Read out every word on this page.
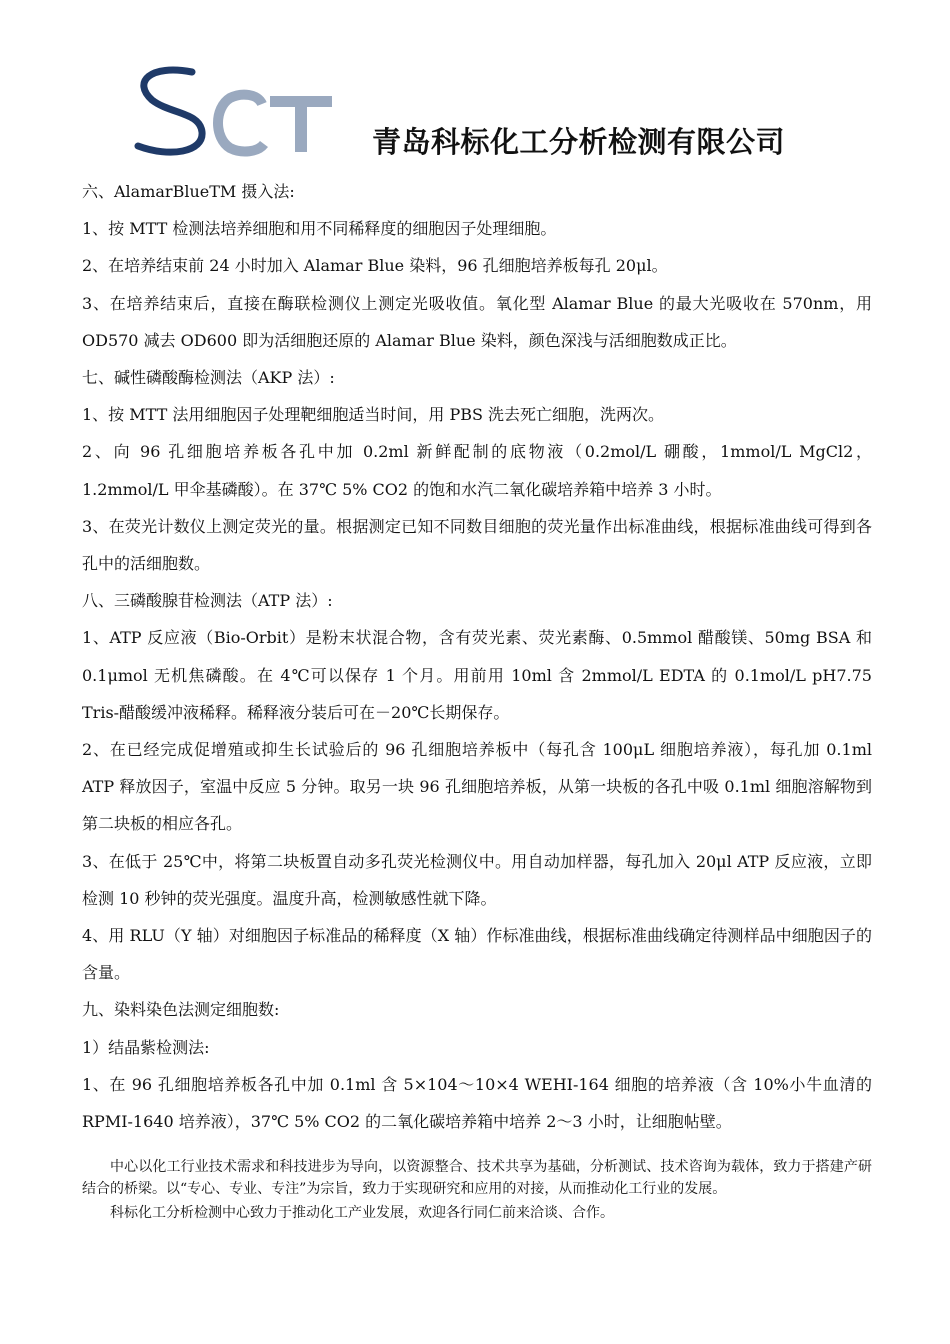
青岛科标化工分析检测有限公司

六、AlamarBlueTM 摄入法:

1、按 MTT 检测法培养细胞和用不同稀释度的细胞因子处理细胞。

2、在培养结束前 24 小时加入 Alamar Blue 染料，96 孔细胞培养板每孔 20μl。

3、在培养结束后，直接在酶联检测仪上测定光吸收值。氧化型 Alamar Blue 的最大光吸收在 570nm，用 OD570 减去 OD600 即为活细胞还原的 Alamar Blue 染料，颜色深浅与活细胞数成正比。

七、碱性磷酸酶检测法（AKP 法）:

1、按 MTT 法用细胞因子处理靶细胞适当时间，用 PBS 洗去死亡细胞，洗两次。

2、向 96 孔细胞培养板各孔中加 0.2ml 新鲜配制的底物液（0.2mol/L 硼酸，1mmol/L MgCl2，1.2mmol/L 甲伞基磷酸）。在 37℃ 5% CO2 的饱和水汽二氧化碳培养箱中培养 3 小时。

3、在荧光计数仪上测定荧光的量。根据测定已知不同数目细胞的荧光量作出标准曲线，根据标准曲线可得到各孔中的活细胞数。

八、三磷酸腺苷检测法（ATP 法）:

1、ATP 反应液（Bio-Orbit）是粉末状混合物，含有荧光素、荧光素酶、0.5mmol 醋酸镁、50mg BSA 和 0.1μmol 无机焦磷酸。在 4℃可以保存 1 个月。用前用 10ml 含 2mmol/L EDTA 的 0.1mol/L pH7.75 Tris-醋酸缓冲液稀释。稀释液分装后可在－20℃长期保存。

2、在已经完成促增殖或抑生长试验后的 96 孔细胞培养板中（每孔含 100μL 细胞培养液），每孔加 0.1ml ATP 释放因子，室温中反应 5 分钟。取另一块 96 孔细胞培养板，从第一块板的各孔中吸 0.1ml 细胞溶解物到第二块板的相应各孔。

3、在低于 25℃中，将第二块板置自动多孔荧光检测仪中。用自动加样器，每孔加入 20μl ATP 反应液，立即检测 10 秒钟的荧光强度。温度升高，检测敏感性就下降。

4、用 RLU（Y 轴）对细胞因子标准品的稀释度（X 轴）作标准曲线，根据标准曲线确定待测样品中细胞因子的含量。

九、染料染色法测定细胞数:

1）结晶紫检测法:

1、在 96 孔细胞培养板各孔中加 0.1ml 含 5×104～10×4 WEHI-164 细胞的培养液（含 10%小牛血清的 RPMI-1640 培养液），37℃ 5% CO2 的二氧化碳培养箱中培养 2～3 小时，让细胞帖壁。

中心以化工行业技术需求和科技进步为导向，以资源整合、技术共享为基础，分析测试、技术咨询为载体，致力于搭建产研结合的桥梁。以“专心、专业、专注”为宗旨，致力于实现研究和应用的对接，从而推动化工行业的发展。

科标化工分析检测中心致力于推动化工产业发展，欢迎各行同仁前来洽谈、合作。
